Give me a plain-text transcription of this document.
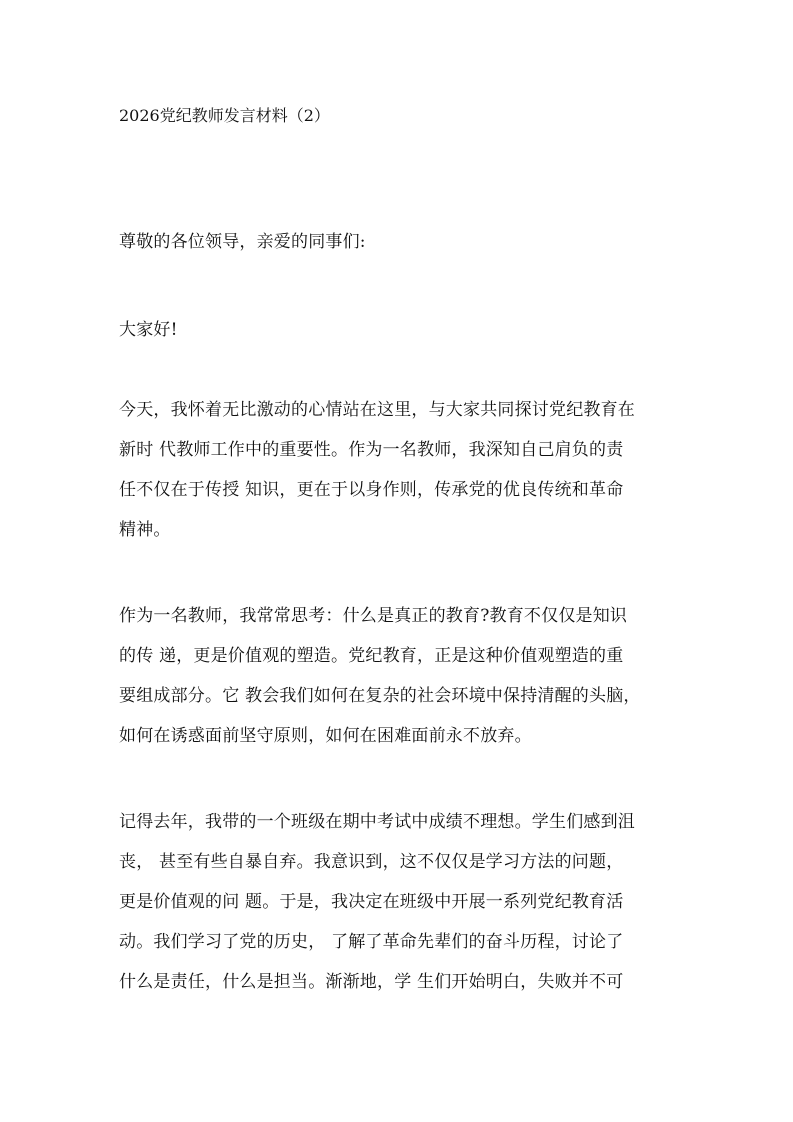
2026党纪教师发言材料（2）
尊敬的各位领导，亲爱的同事们:
大家好!
今天，我怀着无比激动的心情站在这里，与大家共同探讨党纪教育在
新时 代教师工作中的重要性。作为一名教师，我深知自己肩负的责
任不仅在于传授 知识，更在于以身作则，传承党的优良传统和革命
精神。
作为一名教师，我常常思考：什么是真正的教育?教育不仅仅是知识
的传 递，更是价值观的塑造。党纪教育，正是这种价值观塑造的重
要组成部分。它 教会我们如何在复杂的社会环境中保持清醒的头脑，
如何在诱惑面前坚守原则，如何在困难面前永不放弃。
记得去年，我带的一个班级在期中考试中成绩不理想。学生们感到沮
丧， 甚至有些自暴自弃。我意识到，这不仅仅是学习方法的问题，
更是价值观的问 题。于是，我决定在班级中开展一系列党纪教育活
动。我们学习了党的历史， 了解了革命先辈们的奋斗历程，讨论了
什么是责任，什么是担当。渐渐地，学 生们开始明白，失败并不可
